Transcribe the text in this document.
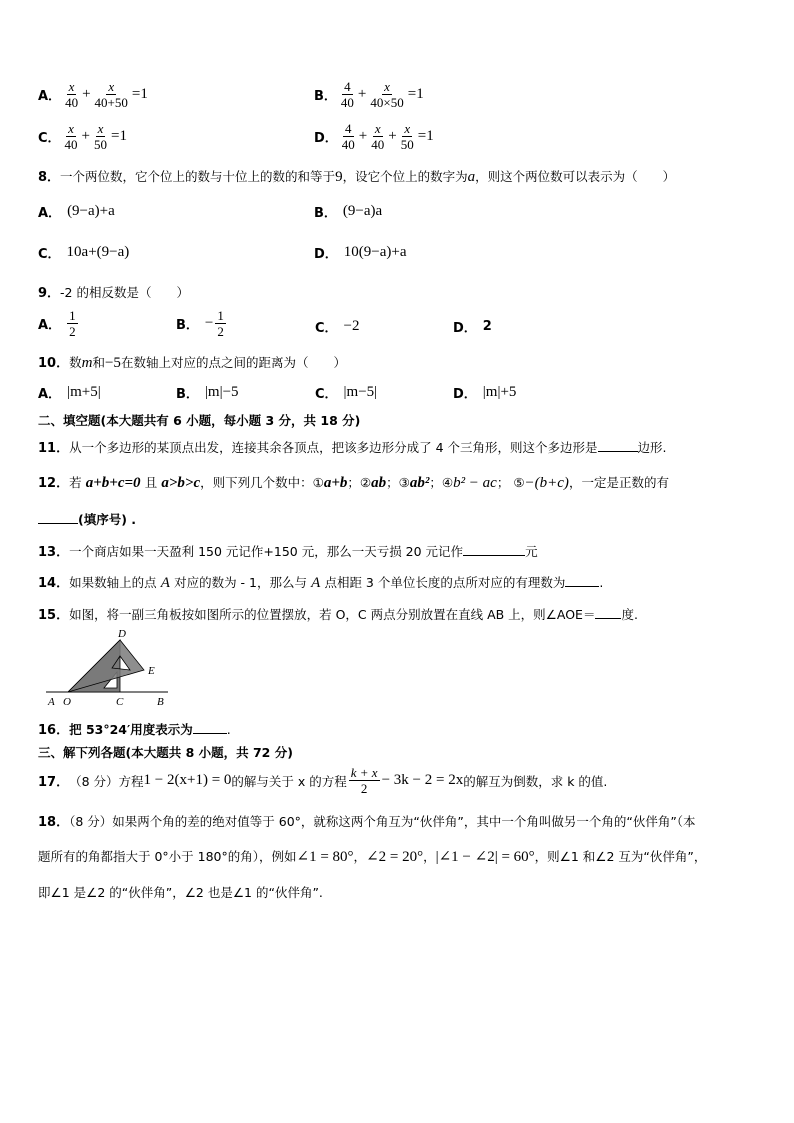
A． $\frac{x}{40} + \frac{x}{40+50} =1$	B． $\frac{4}{40} + \frac{x}{40\times 50} =1$
C． $\frac{x}{40} + \frac{x}{50} =1$	D． $\frac{4}{40} + \frac{x}{40} + \frac{x}{50} =1$
8．一个两位数，它个位上的数与十位上的数的和等于9，设它个位上的数字为a，则这个两位数可以表示为（　　）
A． (9−a)+a	B． (9−a)a
C． 10a+(9−a)	D． 10(9−a)+a
9．-2 的相反数是（　　）
A． $\frac{1}{2}$	B． − $\frac{1}{2}$	C． −2	D． 2
10．数m和−5在数轴上对应的点之间的距离为（　　）
A． |m+5|	B． |m|−5	C． |m−5|	D． |m|+5
二、填空题(本大题共有 6 小题，每小题 3 分，共 18 分)
11．从一个多边形的某顶点出发，连接其余各顶点，把该多边形分成了 4 个三角形，则这个多边形是	边形.
12．若 a+b+c=0 且 a>b>c，则下列几个数中：①a+b；②ab；③ab²；④b² − ac； ⑤−(b+c)，一定是正数的有
(填序号) .
13．一个商店如果一天盈利 150 元记作+150 元，那么一天亏损 20 元记作	元
14．如果数轴上的点 A 对应的数为 - 1，那么与 A 点相距 3 个单位长度的点所对应的有理数为	.
15．如图，将一副三角板按如图所示的位置摆放，若 O，C 两点分别放置在直线 AB 上，则∠AOE＝ 度.
D
E
A O	C	B
16．把 53°24′用度表示为	.
三、解下列各题(本大题共 8 小题，共 72 分)
17． （8 分）方程 1 − 2(x+1) = 0 的解与关于 x 的方程 $\frac{k + x}{2} - 3k - 2 = 2x$ 的解互为倒数，求 k 的值.
18．（8 分）如果两个角的差的绝对值等于 60°，就称这两个角互为“伙伴角”，其中一个角叫做另一个角的“伙伴角”（本
题所有的角都指大于 0°小于 180°的角），例如∠1 = 80°，∠2 = 20°，|∠1 − ∠2| = 60°，则∠1 和∠2 互为“伙伴角”，
即∠1 是∠2 的“伙伴角”，∠2 也是∠1 的“伙伴角”.
